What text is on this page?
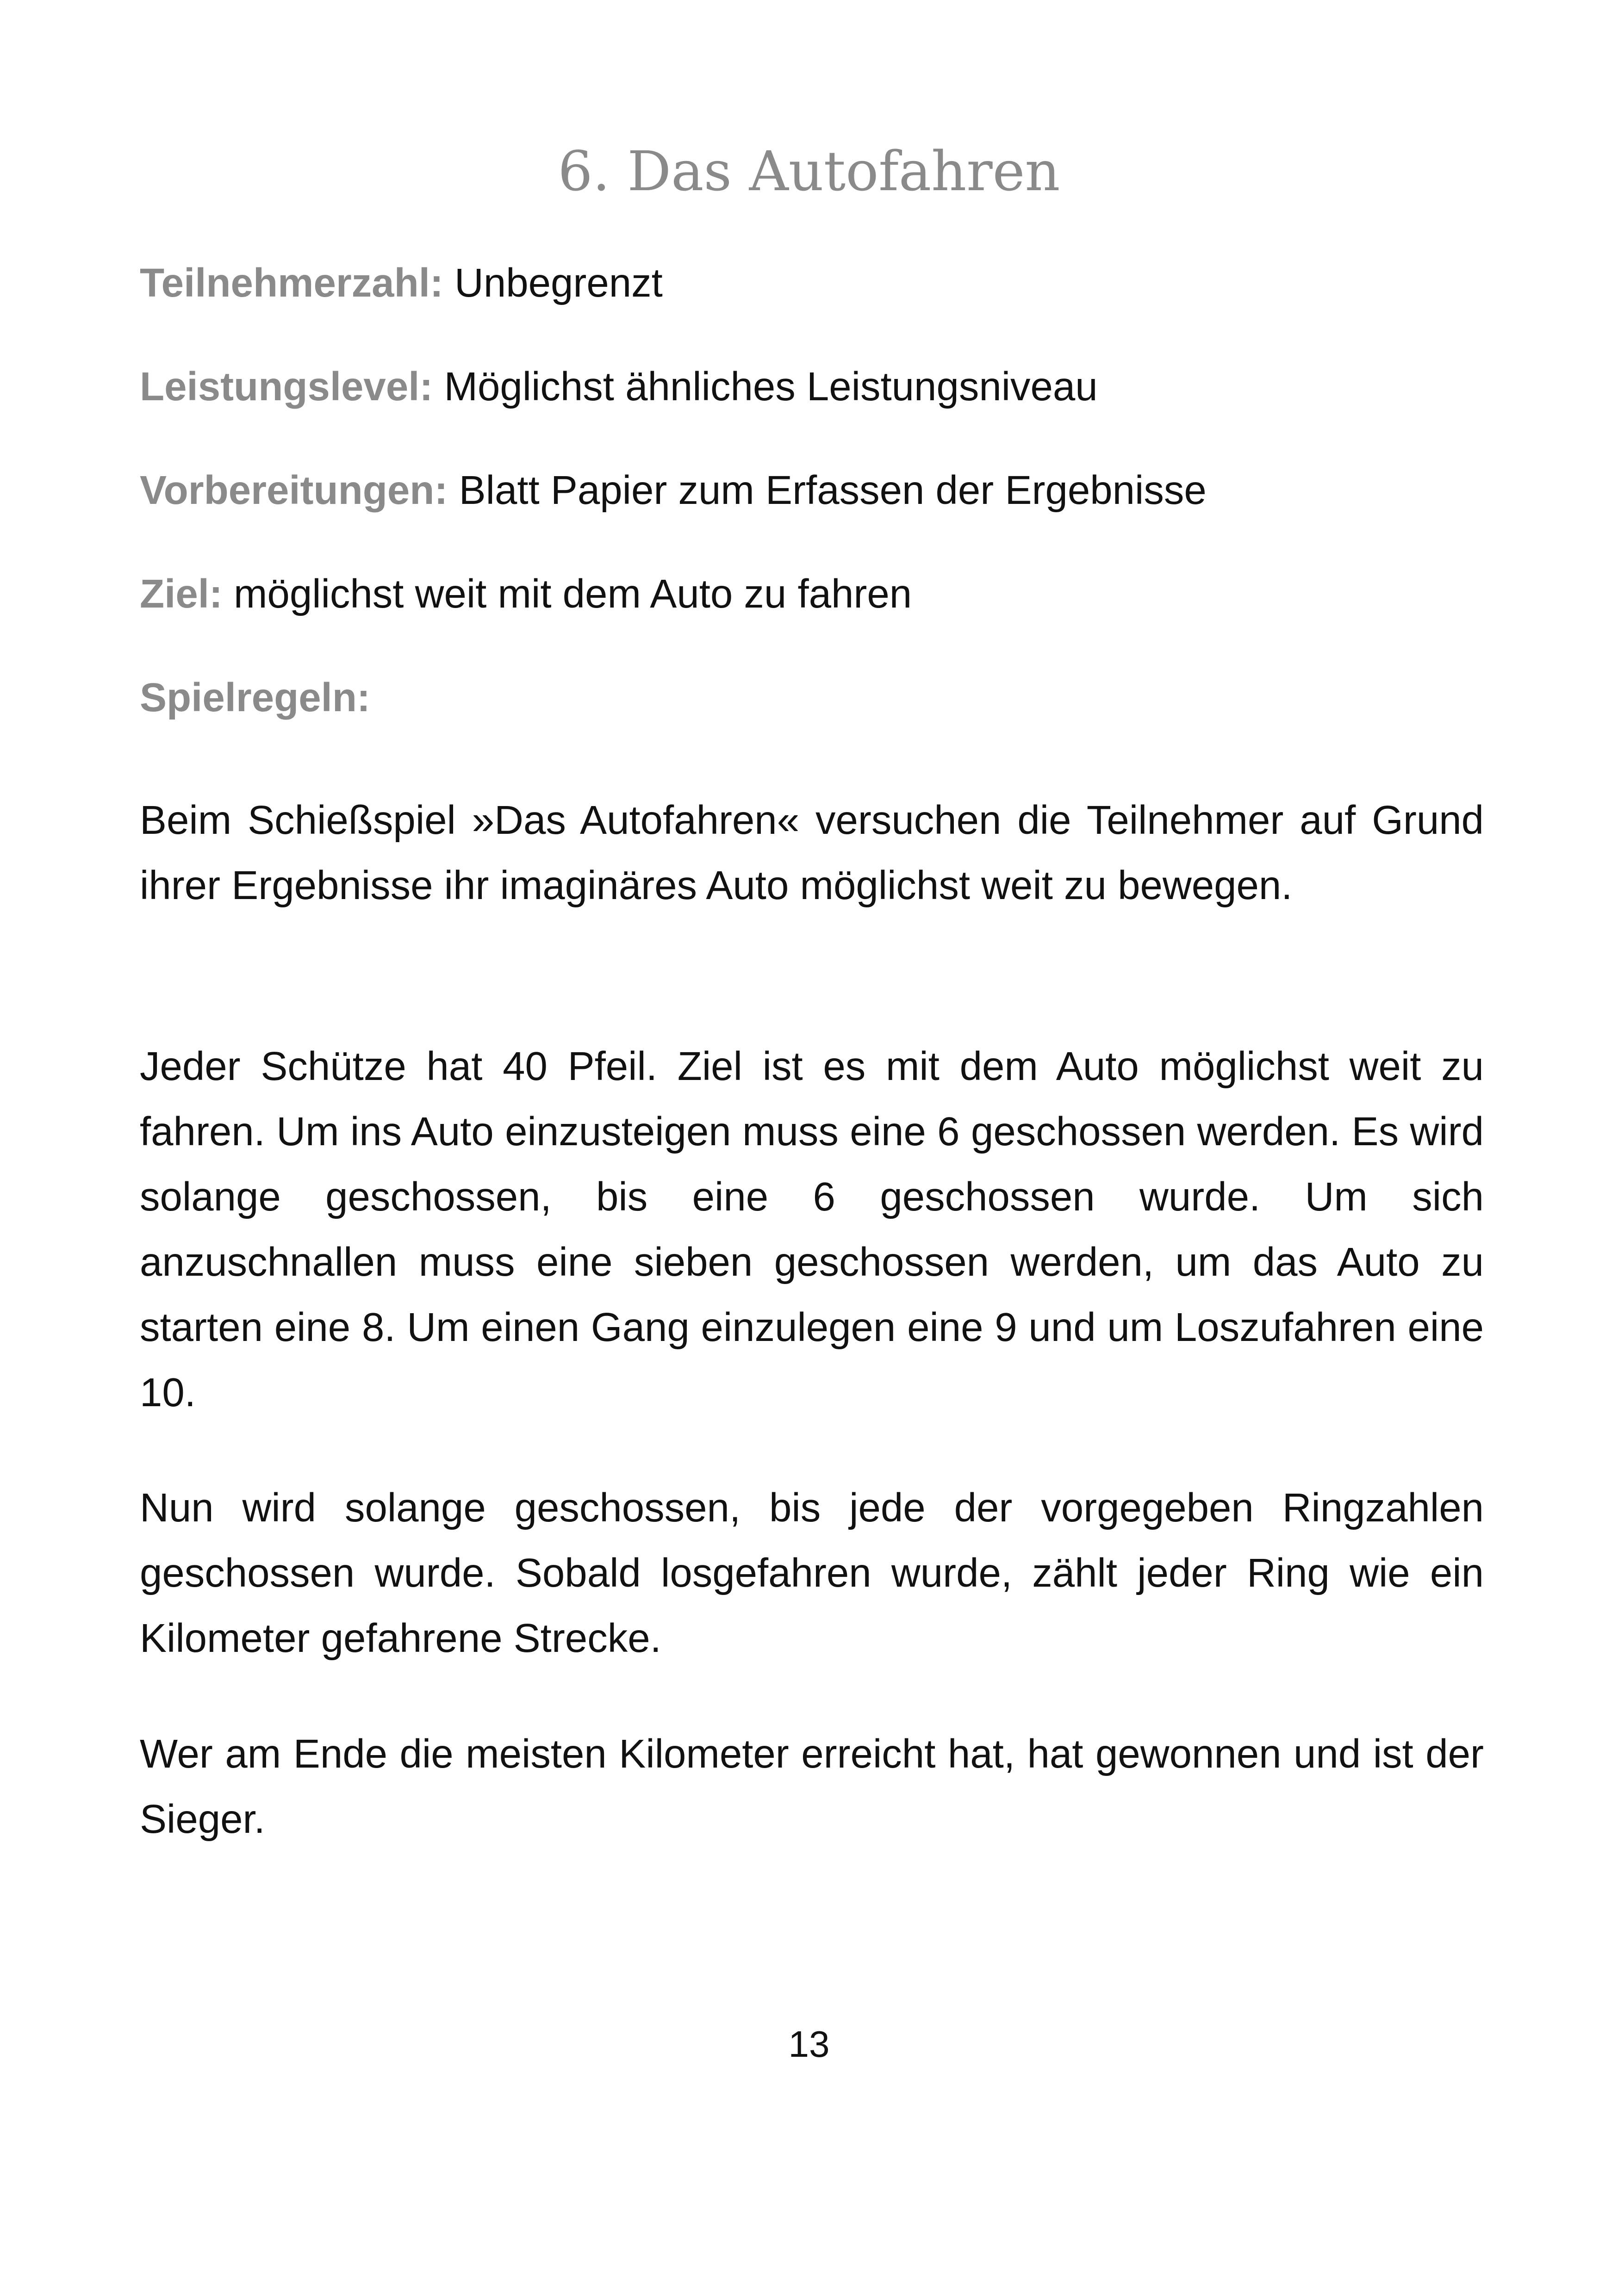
6. Das Autofahren

Teilnehmerzahl: Unbegrenzt

Leistungslevel: Möglichst ähnliches Leistungsniveau

Vorbereitungen: Blatt Papier zum Erfassen der Ergebnisse

Ziel: möglichst weit mit dem Auto zu fahren

Spielregeln:

Beim Schießspiel »Das Autofahren« versuchen die Teilnehmer auf Grund ihrer Ergebnisse ihr imaginäres Auto möglichst weit zu bewegen.

Jeder Schütze hat 40 Pfeil. Ziel ist es mit dem Auto möglichst weit zu fahren. Um ins Auto einzusteigen muss eine 6 geschossen werden. Es wird solange geschossen, bis eine 6 geschossen wurde. Um sich anzuschnallen muss eine sieben geschossen werden, um das Auto zu starten eine 8. Um einen Gang einzulegen eine 9 und um Loszufahren eine 10.

Nun wird solange geschossen, bis jede der vorgegeben Ringzahlen geschossen wurde. Sobald losgefahren wurde, zählt jeder Ring wie ein Kilometer gefahrene Strecke.

Wer am Ende die meisten Kilometer erreicht hat, hat gewonnen und ist der Sieger.

13
